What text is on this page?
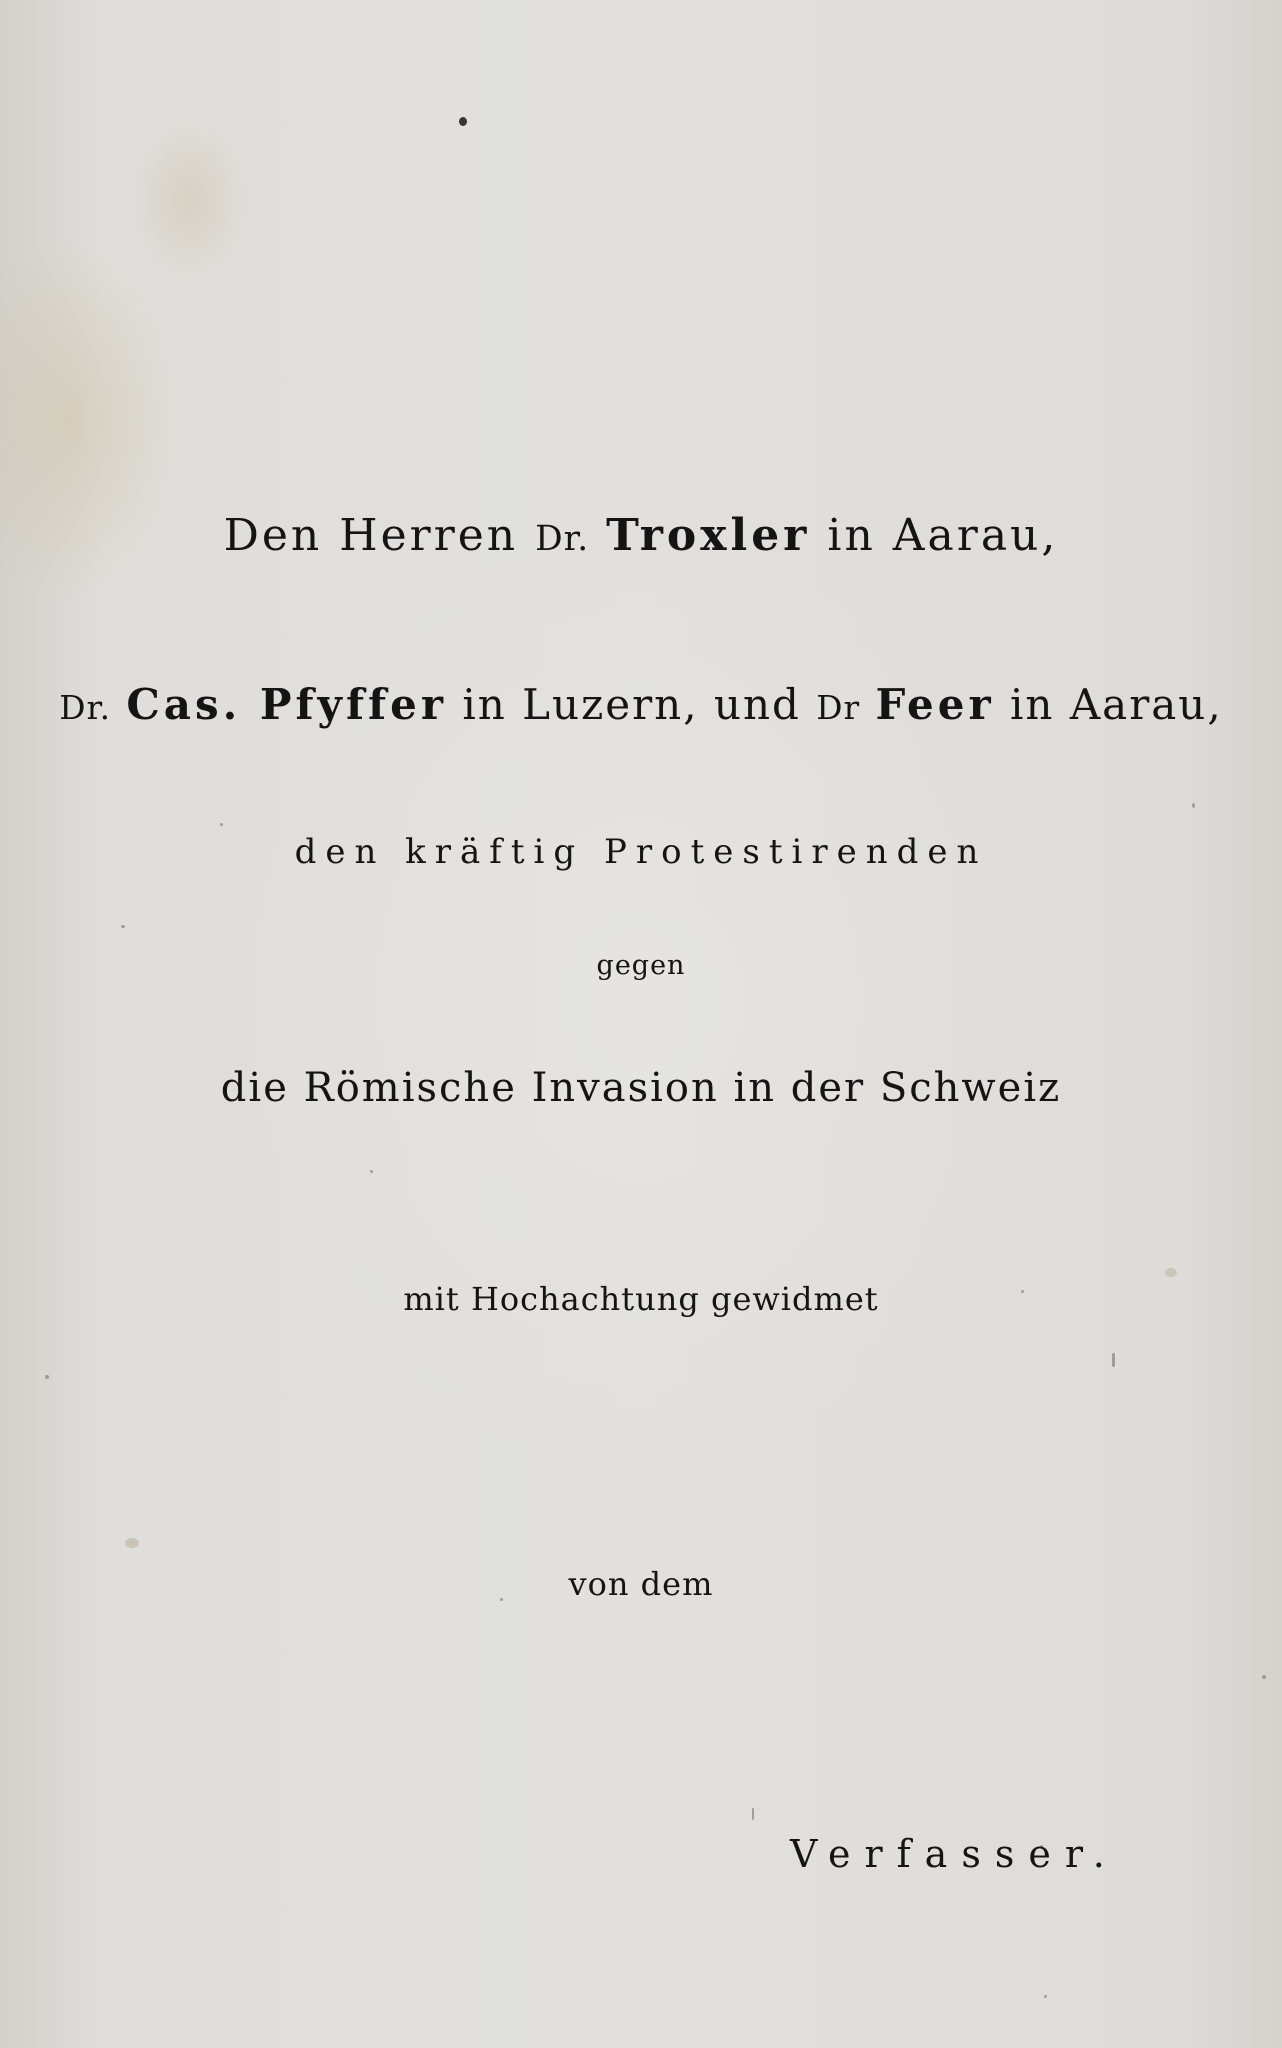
Den Herren Dr. Troxler in Aarau,
Dr. Cas. Pfyffer in Luzern, und Dr Feer in Aarau,
den kräftig Protestirenden
gegen
die Römische Invasion in der Schweiz
mit Hochachtung gewidmet
von dem
Verfasser.
